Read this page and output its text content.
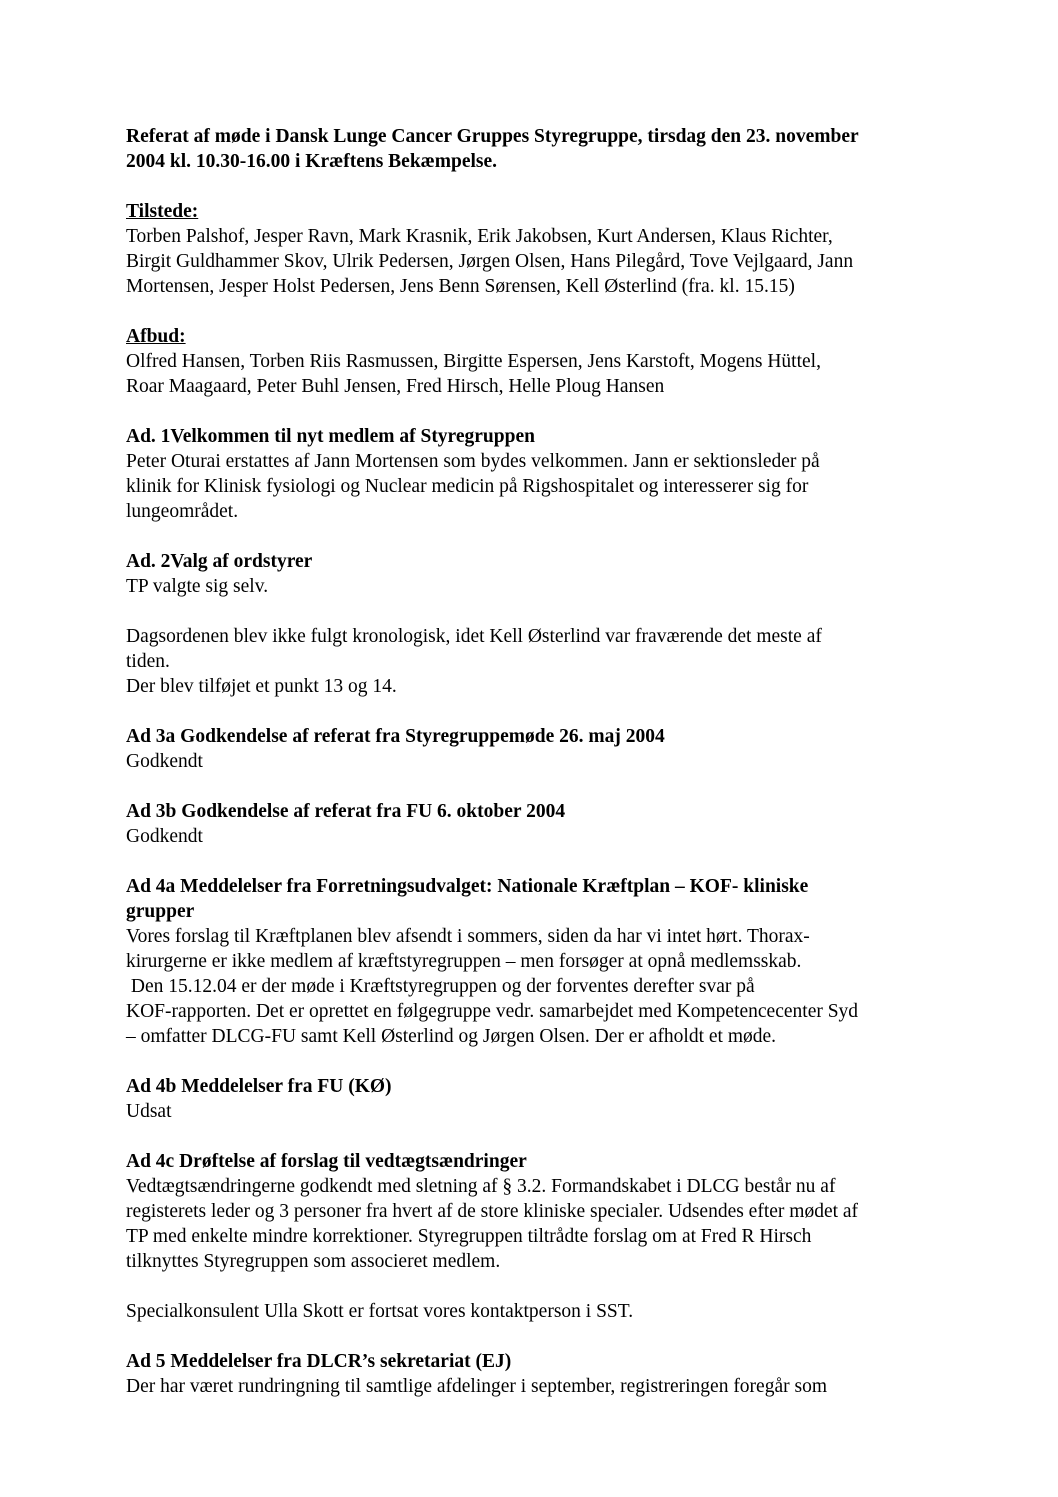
Referat af møde i Dansk Lunge Cancer Gruppes Styregruppe, tirsdag den 23. november
2004 kl. 10.30-16.00 i Kræftens Bekæmpelse.
Tilstede:
Torben Palshof, Jesper Ravn, Mark Krasnik, Erik Jakobsen, Kurt Andersen, Klaus Richter,
Birgit Guldhammer Skov, Ulrik Pedersen, Jørgen Olsen, Hans Pilegård, Tove Vejlgaard, Jann
Mortensen, Jesper Holst Pedersen, Jens Benn Sørensen, Kell Østerlind (fra. kl. 15.15)
Afbud:
Olfred Hansen, Torben Riis Rasmussen, Birgitte Espersen, Jens Karstoft, Mogens Hüttel,
Roar Maagaard, Peter Buhl Jensen, Fred Hirsch, Helle Ploug Hansen
Ad. 1Velkommen til nyt medlem af Styregruppen
Peter Oturai erstattes af Jann Mortensen som bydes velkommen. Jann er sektionsleder på
klinik for Klinisk fysiologi og Nuclear medicin på Rigshospitalet og interesserer sig for
lungeområdet.
Ad. 2Valg af ordstyrer
TP valgte sig selv.
Dagsordenen blev ikke fulgt kronologisk, idet Kell Østerlind var fraværende det meste af
tiden.
Der blev tilføjet et punkt 13 og 14.
Ad 3a Godkendelse af referat fra Styregruppemøde 26. maj 2004
Godkendt
Ad 3b Godkendelse af referat fra FU 6. oktober 2004
Godkendt
Ad 4a Meddelelser fra Forretningsudvalget: Nationale Kræftplan – KOF- kliniske
grupper
Vores forslag til Kræftplanen blev afsendt i sommers, siden da har vi intet hørt. Thorax-
kirurgerne er ikke medlem af kræftstyregruppen – men forsøger at opnå medlemsskab.
Den 15.12.04 er der møde i Kræftstyregruppen og der forventes derefter svar på
KOF-rapporten. Det er oprettet en følgegruppe vedr. samarbejdet med Kompetencecenter Syd
– omfatter DLCG-FU samt Kell Østerlind og Jørgen Olsen. Der er afholdt et møde.
Ad 4b Meddelelser fra FU (KØ)
Udsat
Ad 4c Drøftelse af forslag til vedtægtsændringer
Vedtægtsændringerne godkendt med sletning af § 3.2. Formandskabet i DLCG består nu af
registerets leder og 3 personer fra hvert af de store kliniske specialer. Udsendes efter mødet af
TP med enkelte mindre korrektioner. Styregruppen tiltrådte forslag om at Fred R Hirsch
tilknyttes Styregruppen som associeret medlem.
Specialkonsulent Ulla Skott er fortsat vores kontaktperson i SST.
Ad 5 Meddelelser fra DLCR’s sekretariat (EJ)
Der har været rundringning til samtlige afdelinger i september, registreringen foregår som
